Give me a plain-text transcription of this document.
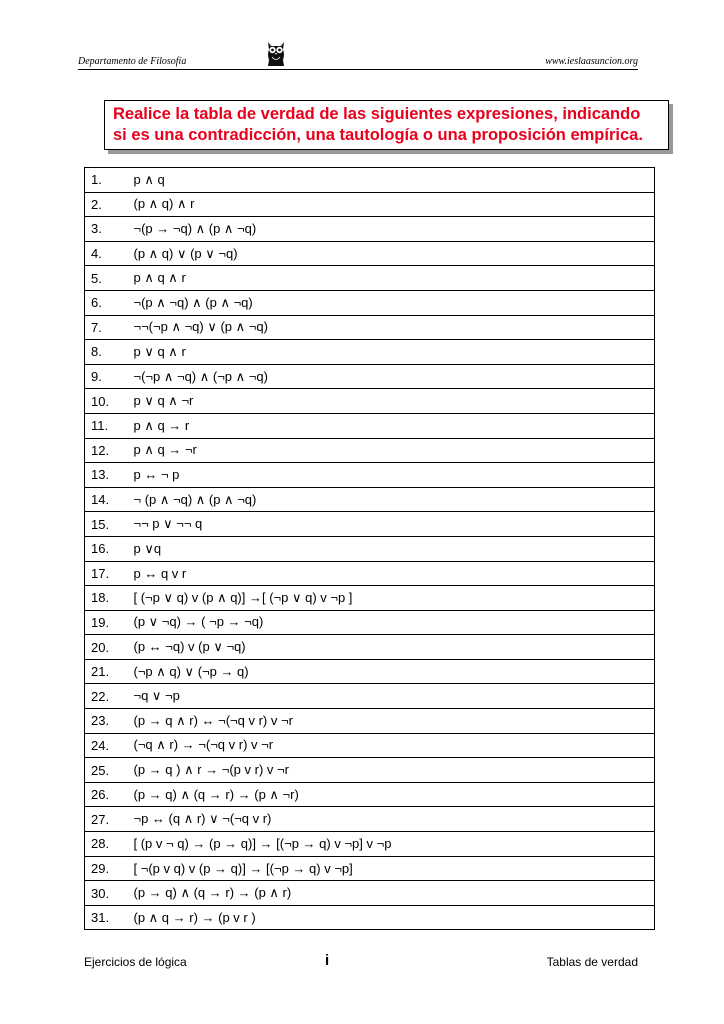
Departamento de Filosofía	www.ieslaasuncion.org

Realice la tabla de verdad de las siguientes expresiones, indicando

si es una contradicción, una tautología o una proposición empírica.

1.	p ∧ q
2.	(p ∧ q) ∧ r
3.	¬(p → ¬q) ∧ (p ∧ ¬q)
4.	(p ∧ q) ∨ (p ∨ ¬q)
5.	p ∧ q ∧ r
6.	¬(p ∧ ¬q) ∧ (p ∧ ¬q)
7.	¬¬(¬p ∧ ¬q) ∨ (p ∧ ¬q)
8.	p ∨ q ∧ r
9.	¬(¬p ∧ ¬q) ∧ (¬p ∧ ¬q)
10.	p ∨ q ∧ ¬r
11.	p ∧ q → r
12.	p ∧ q → ¬r
13.	p ↔ ¬ p
14.	¬ (p ∧ ¬q) ∧ (p ∧ ¬q)
15.	¬¬ p ∨ ¬¬ q
16.	p ∨q
17.	p ↔ q v r
18.	[ (¬p ∨ q) v (p ∧ q)] →[ (¬p ∨ q) v ¬p ]
19.	(p ∨ ¬q) → ( ¬p → ¬q)
20.	(p ↔ ¬q) v (p ∨ ¬q)
21.	(¬p ∧ q) ∨ (¬p → q)
22.	¬q ∨ ¬p
23.	(p → q ∧ r) ↔ ¬(¬q v r) v ¬r
24.	(¬q ∧ r) → ¬(¬q v r) v ¬r
25.	(p → q ) ∧ r → ¬(p v r) v ¬r
26.	(p → q) ∧ (q → r) → (p ∧ ¬r)
27.	¬p ↔ (q ∧ r) ∨ ¬(¬q v r)
28.	[ (p v ¬ q) → (p → q)] → [(¬p → q) v ¬p] v ¬p
29.	[ ¬(p v q) v (p → q)] → [(¬p → q) v ¬p]
30.	(p → q) ∧ (q → r) → (p ∧ r)
31.	(p ∧ q → r) → (p v r )
Ejercicios de lógica	i	Tablas de verdad
